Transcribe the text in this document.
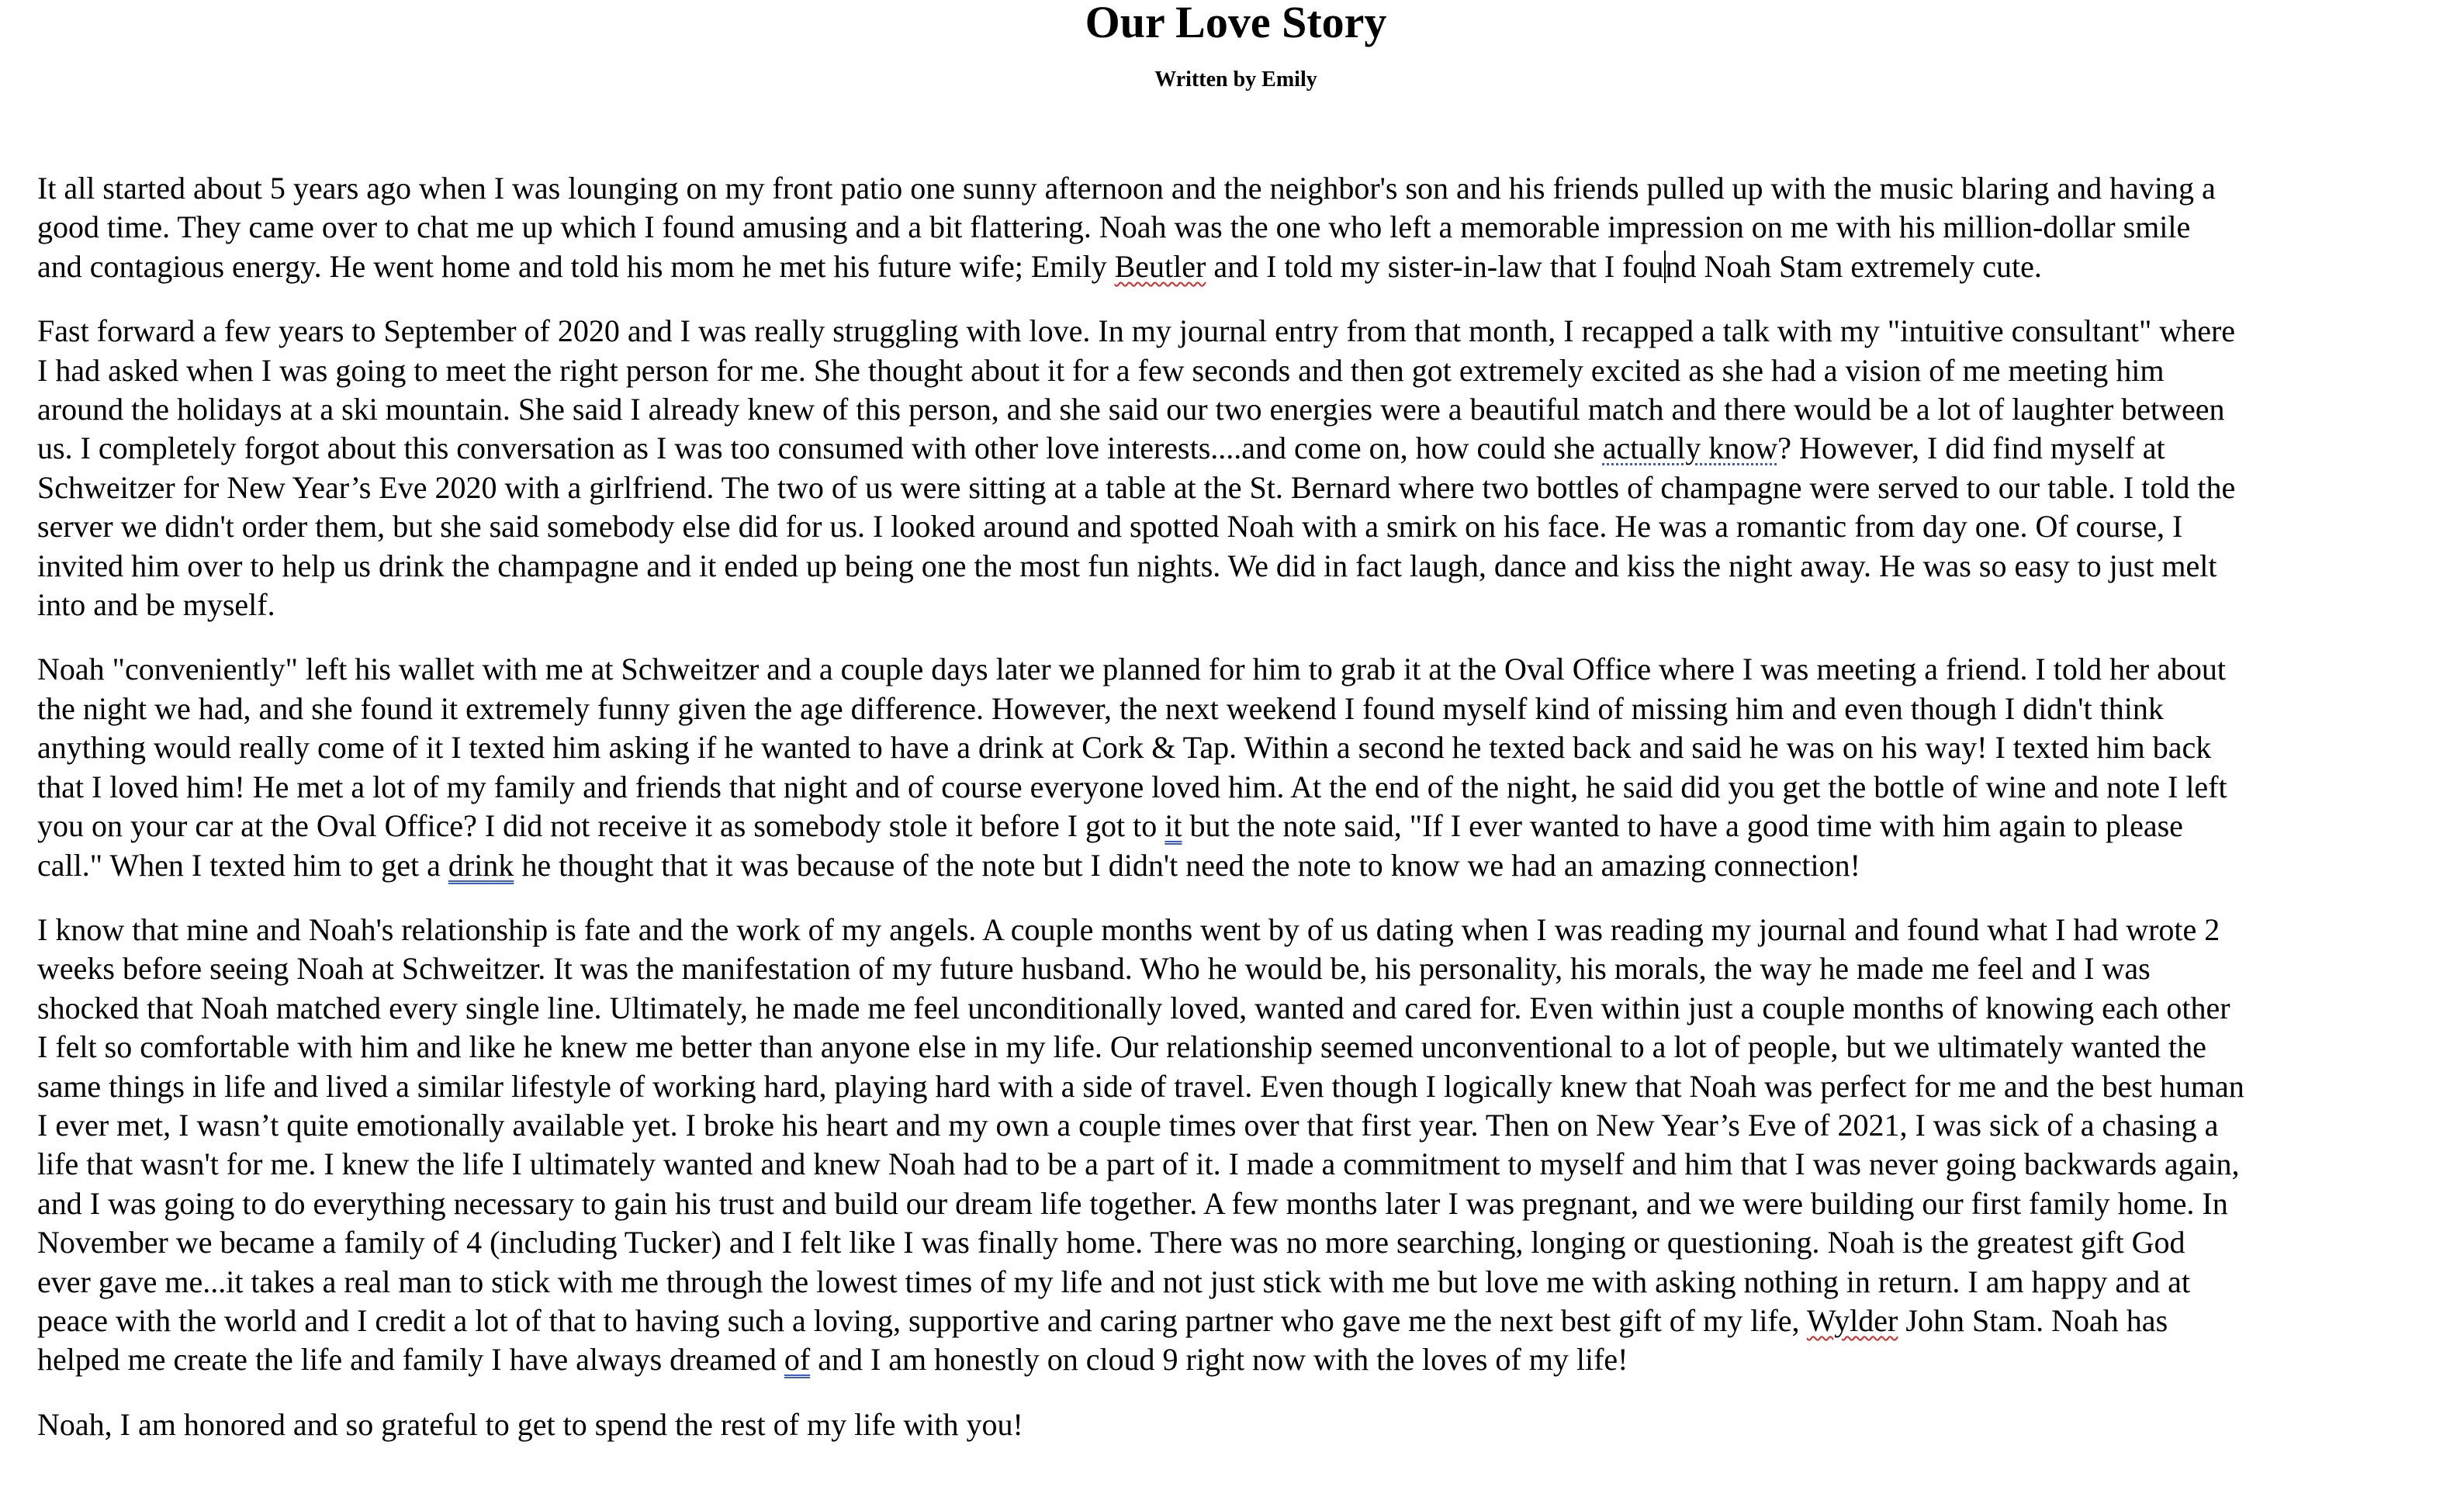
Our Love Story
Written by Emily

It all started about 5 years ago when I was lounging on my front patio one sunny afternoon and the neighbor's son and his friends pulled up with the music blaring and having a
good time. They came over to chat me up which I found amusing and a bit flattering. Noah was the one who left a memorable impression on me with his million-dollar smile
and contagious energy. He went home and told his mom he met his future wife; Emily Beutler and I told my sister-in-law that I found Noah Stam extremely cute.

Fast forward a few years to September of 2020 and I was really struggling with love. In my journal entry from that month, I recapped a talk with my "intuitive consultant" where
I had asked when I was going to meet the right person for me. She thought about it for a few seconds and then got extremely excited as she had a vision of me meeting him
around the holidays at a ski mountain. She said I already knew of this person, and she said our two energies were a beautiful match and there would be a lot of laughter between
us. I completely forgot about this conversation as I was too consumed with other love interests....and come on, how could she actually know? However, I did find myself at
Schweitzer for New Year’s Eve 2020 with a girlfriend. The two of us were sitting at a table at the St. Bernard where two bottles of champagne were served to our table. I told the
server we didn't order them, but she said somebody else did for us. I looked around and spotted Noah with a smirk on his face. He was a romantic from day one. Of course, I
invited him over to help us drink the champagne and it ended up being one the most fun nights. We did in fact laugh, dance and kiss the night away. He was so easy to just melt
into and be myself.

Noah "conveniently" left his wallet with me at Schweitzer and a couple days later we planned for him to grab it at the Oval Office where I was meeting a friend. I told her about
the night we had, and she found it extremely funny given the age difference. However, the next weekend I found myself kind of missing him and even though I didn't think
anything would really come of it I texted him asking if he wanted to have a drink at Cork & Tap. Within a second he texted back and said he was on his way! I texted him back
that I loved him! He met a lot of my family and friends that night and of course everyone loved him. At the end of the night, he said did you get the bottle of wine and note I left
you on your car at the Oval Office? I did not receive it as somebody stole it before I got to it but the note said, "If I ever wanted to have a good time with him again to please
call." When I texted him to get a drink he thought that it was because of the note but I didn't need the note to know we had an amazing connection!

I know that mine and Noah's relationship is fate and the work of my angels. A couple months went by of us dating when I was reading my journal and found what I had wrote 2
weeks before seeing Noah at Schweitzer. It was the manifestation of my future husband. Who he would be, his personality, his morals, the way he made me feel and I was
shocked that Noah matched every single line. Ultimately, he made me feel unconditionally loved, wanted and cared for. Even within just a couple months of knowing each other
I felt so comfortable with him and like he knew me better than anyone else in my life. Our relationship seemed unconventional to a lot of people, but we ultimately wanted the
same things in life and lived a similar lifestyle of working hard, playing hard with a side of travel. Even though I logically knew that Noah was perfect for me and the best human
I ever met, I wasn’t quite emotionally available yet. I broke his heart and my own a couple times over that first year. Then on New Year’s Eve of 2021, I was sick of a chasing a
life that wasn't for me. I knew the life I ultimately wanted and knew Noah had to be a part of it. I made a commitment to myself and him that I was never going backwards again,
and I was going to do everything necessary to gain his trust and build our dream life together. A few months later I was pregnant, and we were building our first family home. In
November we became a family of 4 (including Tucker) and I felt like I was finally home. There was no more searching, longing or questioning. Noah is the greatest gift God
ever gave me...it takes a real man to stick with me through the lowest times of my life and not just stick with me but love me with asking nothing in return. I am happy and at
peace with the world and I credit a lot of that to having such a loving, supportive and caring partner who gave me the next best gift of my life, Wylder John Stam. Noah has
helped me create the life and family I have always dreamed of and I am honestly on cloud 9 right now with the loves of my life!

Noah, I am honored and so grateful to get to spend the rest of my life with you!
